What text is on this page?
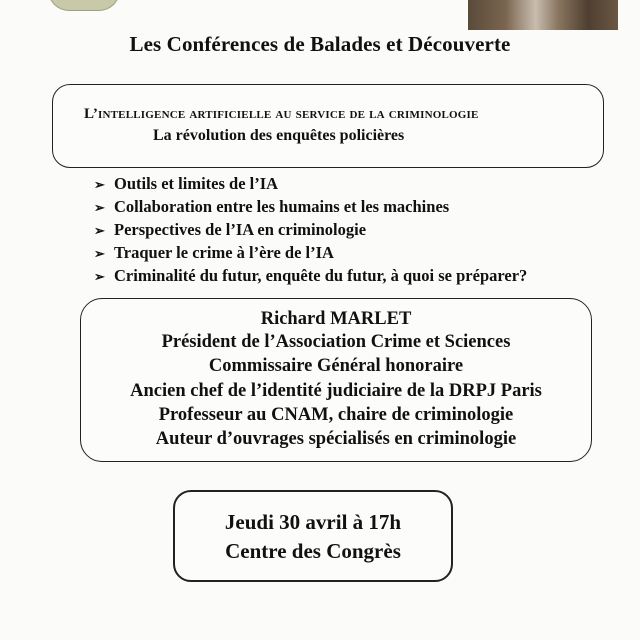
Les Conférences de Balades et Découverte
L’intelligence artificielle au service de la criminologie
La révolution des enquêtes policières
➢ Outils et limites de l’IA
➢ Collaboration entre les humains et les machines
➢ Perspectives de l’IA en criminologie
➢ Traquer le crime à l’ère de l’IA
➢ Criminalité du futur, enquête du futur, à quoi se préparer?
Richard MARLET
Président de l’Association Crime et Sciences
Commissaire Général honoraire
Ancien chef de l’identité judiciaire de la DRPJ Paris
Professeur au CNAM, chaire de criminologie
Auteur d’ouvrages spécialisés en criminologie
Jeudi 30 avril à 17h
Centre des Congrès
